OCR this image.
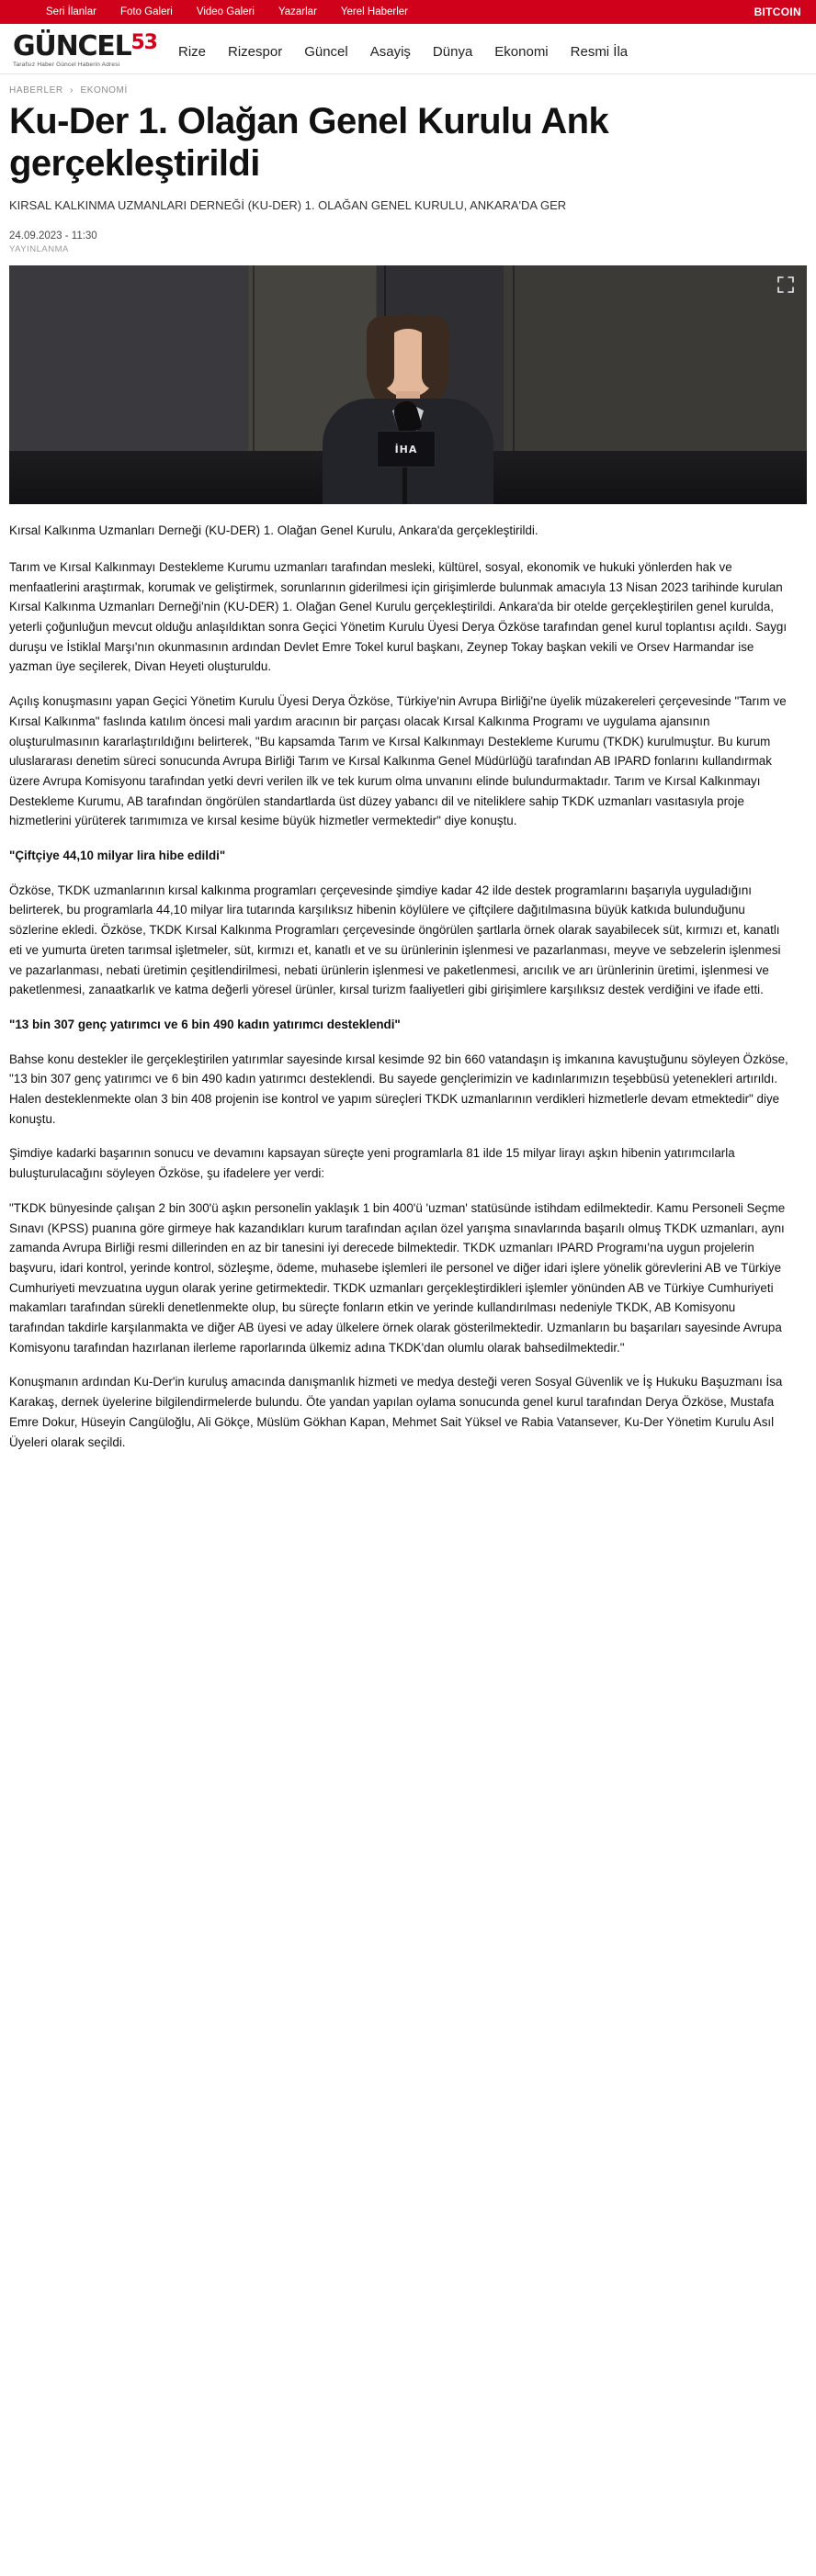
Seri İlanlar Foto Galeri Video Galeri Yazarlar Yerel Haberler	BITCOIN
GÜNCEL$^{53}$
Tarafsız Haber Güncel Haberin Adresi
Rize Rizespor Güncel Asayiş Dünya Ekonomi Resmi İla
HABERLER › EKONOMİ
Ku-Der 1. Olağan Genel Kurulu Ank
gerçekleştirildi
KIRSAL KALKINMA UZMANLARI DERNEĞİ (KU-DER) 1. OLAĞAN GENEL KURULU, ANKARA'DA GER
24.09.2023 - 11:30
YAYINLANMA
İHA

Kırsal Kalkınma Uzmanları Derneği (KU-DER) 1. Olağan Genel Kurulu, Ankara'da gerçekleştirildi.

Tarım ve Kırsal Kalkınmayı Destekleme Kurumu uzmanları tarafından mesleki, kültürel, sosyal, ekonomik ve hukuki yönlerden hak ve menfaatlerini araştırmak, korumak ve geliştirmek, sorunlarının giderilmesi için girişimlerde bulunmak amacıyla 13 Nisan 2023 tarihinde kurulan Kırsal Kalkınma Uzmanları Derneği'nin (KU-DER) 1. Olağan Genel Kurulu gerçekleştirildi. Ankara'da bir otelde gerçekleştirilen genel kurulda, yeterli çoğunluğun mevcut olduğu anlaşıldıktan sonra Geçici Yönetim Kurulu Üyesi Derya Özköse tarafından genel kurul toplantısı açıldı. Saygı duruşu ve İstiklal Marşı'nın okunmasının ardından Devlet Emre Tokel kurul başkanı, Zeynep Tokay başkan vekili ve Orsev Harmandar ise yazman üye seçilerek, Divan Heyeti oluşturuldu.

Açılış konuşmasını yapan Geçici Yönetim Kurulu Üyesi Derya Özköse, Türkiye'nin Avrupa Birliği'ne üyelik müzakereleri çerçevesinde "Tarım ve Kırsal Kalkınma" faslında katılım öncesi mali yardım aracının bir parçası olacak Kırsal Kalkınma Programı ve uygulama ajansının oluşturulmasının kararlaştırıldığını belirterek, "Bu kapsamda Tarım ve Kırsal Kalkınmayı Destekleme Kurumu (TKDK) kurulmuştur. Bu kurum uluslararası denetim süreci sonucunda Avrupa Birliği Tarım ve Kırsal Kalkınma Genel Müdürlüğü tarafından AB IPARD fonlarını kullandırmak üzere Avrupa Komisyonu tarafından yetki devri verilen ilk ve tek kurum olma unvanını elinde bulundurmaktadır. Tarım ve Kırsal Kalkınmayı Destekleme Kurumu, AB tarafından öngörülen standartlarda üst düzey yabancı dil ve niteliklere sahip TKDK uzmanları vasıtasıyla proje hizmetlerini yürüterek tarımımıza ve kırsal kesime büyük hizmetler vermektedir" diye konuştu.

"Çiftçiye 44,10 milyar lira hibe edildi"

Özköse, TKDK uzmanlarının kırsal kalkınma programları çerçevesinde şimdiye kadar 42 ilde destek programlarını başarıyla uyguladığını belirterek, bu programlarla 44,10 milyar lira tutarında karşılıksız hibenin köylülere ve çiftçilere dağıtılmasına büyük katkıda bulunduğunu sözlerine ekledi. Özköse, TKDK Kırsal Kalkınma Programları çerçevesinde öngörülen şartlarla örnek olarak sayabilecek süt, kırmızı et, kanatlı eti ve yumurta üreten tarımsal işletmeler, süt, kırmızı et, kanatlı et ve su ürünlerinin işlenmesi ve pazarlanması, meyve ve sebzelerin işlenmesi ve pazarlanması, nebati üretimin çeşitlendirilmesi, nebati ürünlerin işlenmesi ve paketlenmesi, arıcılık ve arı ürünlerinin üretimi, işlenmesi ve paketlenmesi, zanaatkarlık ve katma değerli yöresel ürünler, kırsal turizm faaliyetleri gibi girişimlere karşılıksız destek verdiğini ve ifade etti.

"13 bin 307 genç yatırımcı ve 6 bin 490 kadın yatırımcı desteklendi"

Bahse konu destekler ile gerçekleştirilen yatırımlar sayesinde kırsal kesimde 92 bin 660 vatandaşın iş imkanına kavuştuğunu söyleyen Özköse, "13 bin 307 genç yatırımcı ve 6 bin 490 kadın yatırımcı desteklendi. Bu sayede gençlerimizin ve kadınlarımızın teşebbüsü yetenekleri artırıldı. Halen desteklenmekte olan 3 bin 408 projenin ise kontrol ve yapım süreçleri TKDK uzmanlarının verdikleri hizmetlerle devam etmektedir" diye konuştu.

Şimdiye kadarki başarının sonucu ve devamını kapsayan süreçte yeni programlarla 81 ilde 15 milyar lirayı aşkın hibenin yatırımcılarla buluşturulacağını söyleyen Özköse, şu ifadelere yer verdi:

"TKDK bünyesinde çalışan 2 bin 300'ü aşkın personelin yaklaşık 1 bin 400'ü 'uzman' statüsünde istihdam edilmektedir. Kamu Personeli Seçme Sınavı (KPSS) puanına göre girmeye hak kazandıkları kurum tarafından açılan özel yarışma sınavlarında başarılı olmuş TKDK uzmanları, aynı zamanda Avrupa Birliği resmi dillerinden en az bir tanesini iyi derecede bilmektedir. TKDK uzmanları IPARD Programı'na uygun projelerin başvuru, idari kontrol, yerinde kontrol, sözleşme, ödeme, muhasebe işlemleri ile personel ve diğer idari işlere yönelik görevlerini AB ve Türkiye Cumhuriyeti mevzuatına uygun olarak yerine getirmektedir. TKDK uzmanları gerçekleştirdikleri işlemler yönünden AB ve Türkiye Cumhuriyeti makamları tarafından sürekli denetlenmekte olup, bu süreçte fonların etkin ve yerinde kullandırılması nedeniyle TKDK, AB Komisyonu tarafından takdirle karşılanmakta ve diğer AB üyesi ve aday ülkelere örnek olarak gösterilmektedir. Uzmanların bu başarıları sayesinde Avrupa Komisyonu tarafından hazırlanan ilerleme raporlarında ülkemiz adına TKDK'dan olumlu olarak bahsedilmektedir."

Konuşmanın ardından Ku-Der'in kuruluş amacında danışmanlık hizmeti ve medya desteği veren Sosyal Güvenlik ve İş Hukuku Başuzmanı İsa Karakaş, dernek üyelerine bilgilendirmelerde bulundu. Öte yandan yapılan oylama sonucunda genel kurul tarafından Derya Özköse, Mustafa Emre Dokur, Hüseyin Cangüloğlu, Ali Gökçe, Müslüm Gökhan Kapan, Mehmet Sait Yüksel ve Rabia Vatansever, Ku-Der Yönetim Kurulu Asıl Üyeleri olarak seçildi.
